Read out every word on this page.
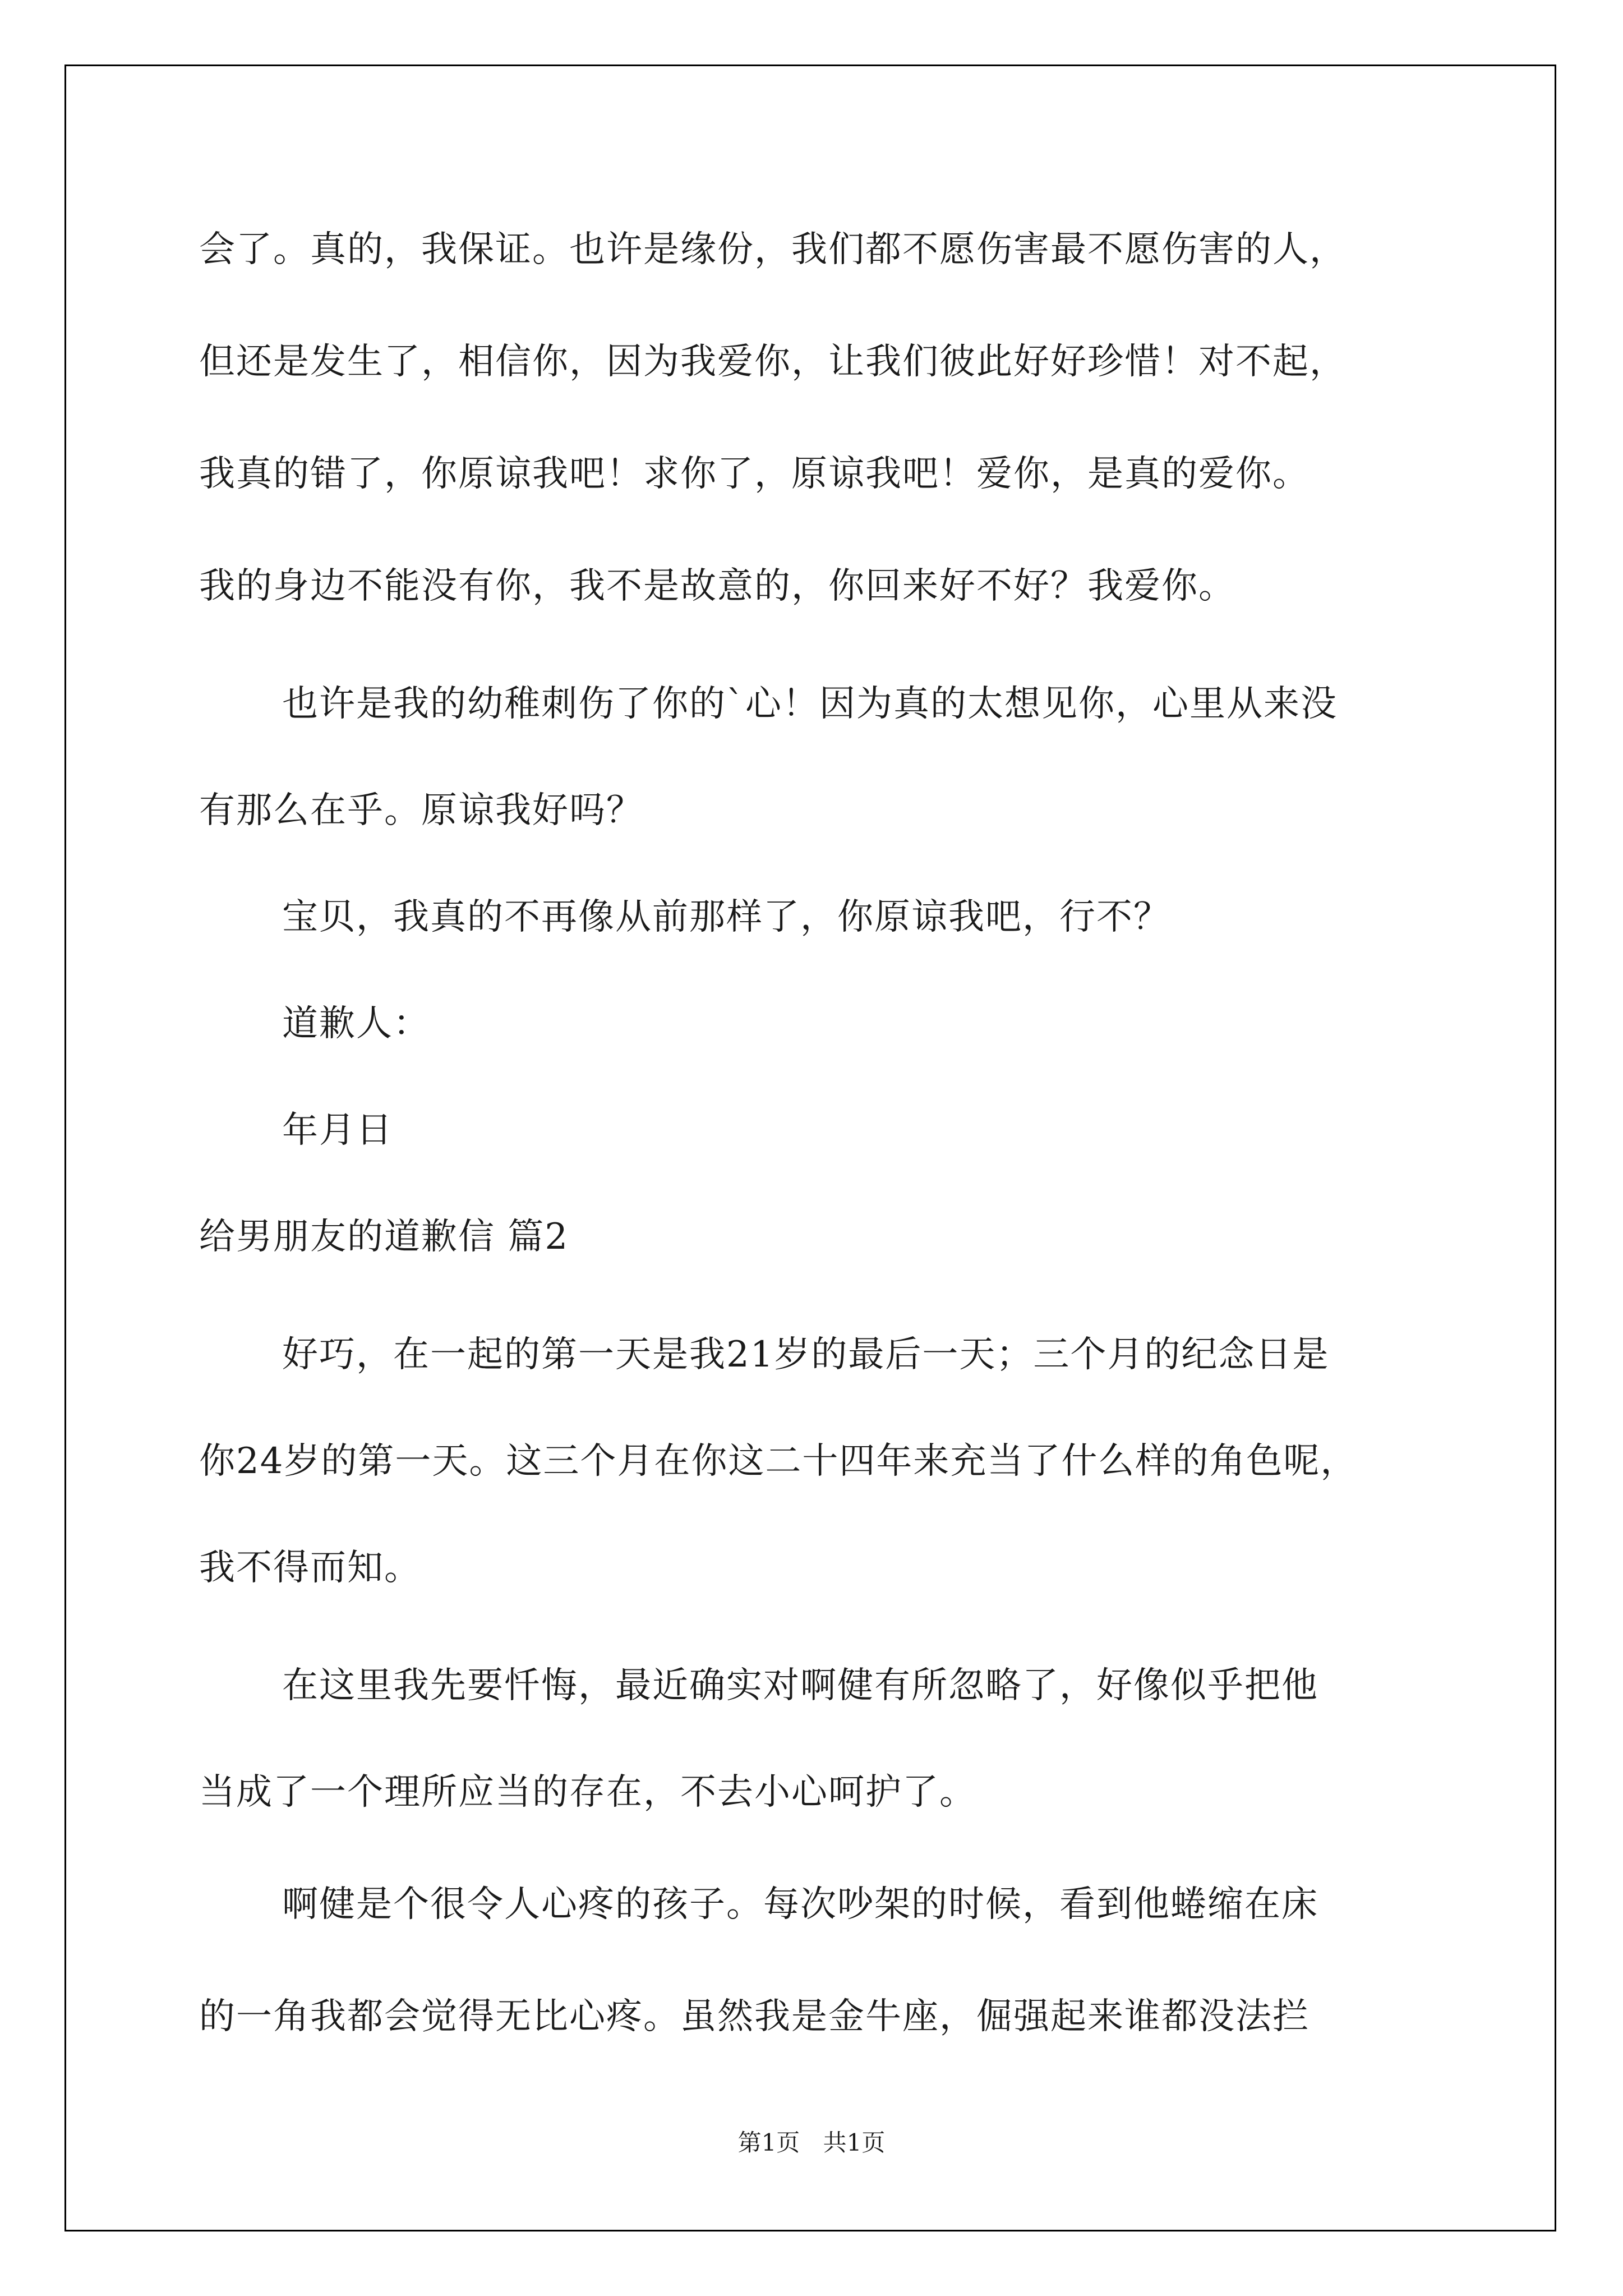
会了。真的，我保证。也许是缘份，我们都不愿伤害最不愿伤害的人，
但还是发生了，相信你，因为我爱你，让我们彼此好好珍惜！对不起，
我真的错了，你原谅我吧！求你了，原谅我吧！爱你，是真的爱你。
我的身边不能没有你，我不是故意的，你回来好不好？我爱你。
也许是我的幼稚刺伤了你的`心！因为真的太想见你，心里从来没
有那么在乎。原谅我好吗？
宝贝，我真的不再像从前那样了，你原谅我吧，行不？
道歉人：
年月日
给男朋友的道歉信 篇2
好巧，在一起的第一天是我21岁的最后一天；三个月的纪念日是
你24岁的第一天。这三个月在你这二十四年来充当了什么样的角色呢，
我不得而知。
在这里我先要忏悔，最近确实对啊健有所忽略了，好像似乎把他
当成了一个理所应当的存在，不去小心呵护了。
啊健是个很令人心疼的孩子。每次吵架的时候，看到他蜷缩在床
的一角我都会觉得无比心疼。虽然我是金牛座，倔强起来谁都没法拦
第1页 共1页
